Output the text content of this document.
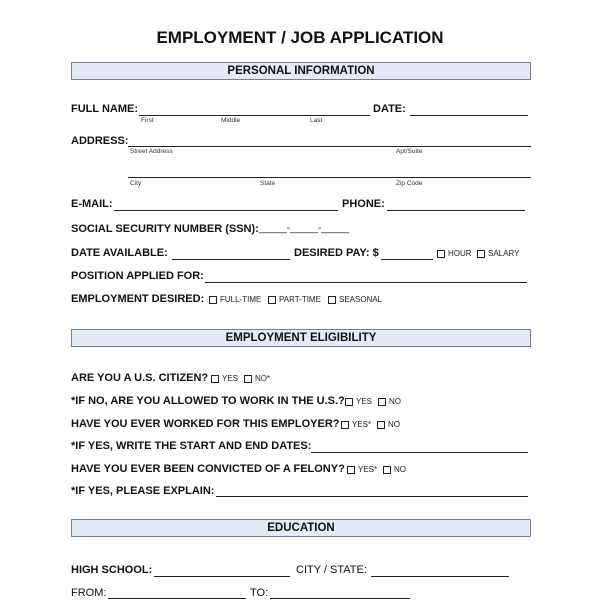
EMPLOYMENT / JOB APPLICATION
PERSONAL INFORMATION
FULL NAME:
First	Middle	Last
DATE:
ADDRESS:
Street Address	Apt/Suite
City	State	Zip Code
E-MAIL:	PHONE:
SOCIAL SECURITY NUMBER (SSN): _____-_____-_____
DATE AVAILABLE:	DESIRED PAY: $	HOUR SALARY
POSITION APPLIED FOR:
EMPLOYMENT DESIRED: FULL-TIME PART-TIME SEASONAL
EMPLOYMENT ELIGIBILITY
ARE YOU A U.S. CITIZEN? YES NO*
*IF NO, ARE YOU ALLOWED TO WORK IN THE U.S.? YES NO
HAVE YOU EVER WORKED FOR THIS EMPLOYER? YES* NO
*IF YES, WRITE THE START AND END DATES:
HAVE YOU EVER BEEN CONVICTED OF A FELONY? YES* NO
*IF YES, PLEASE EXPLAIN:
EDUCATION
HIGH SCHOOL:	CITY / STATE:
FROM:	TO:
